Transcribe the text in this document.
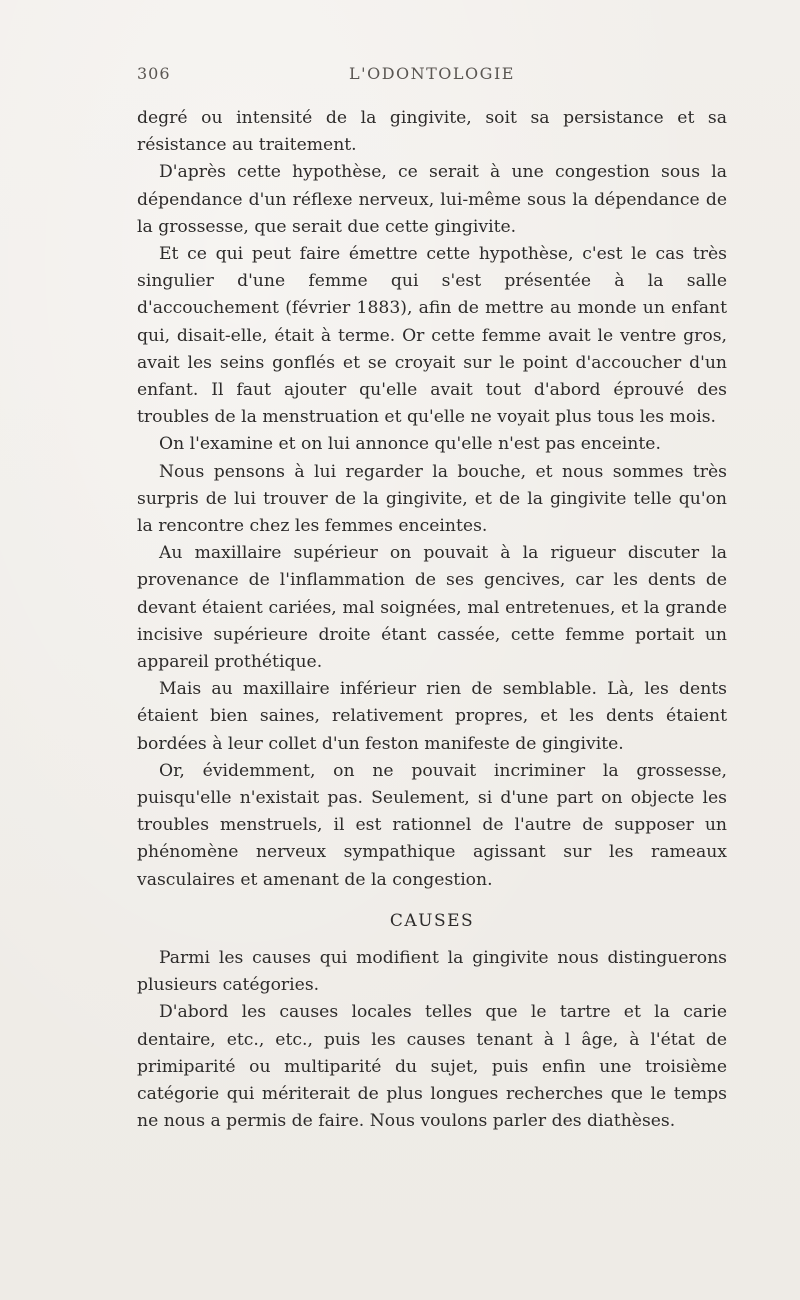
306	L'ODONTOLOGIE

degré ou intensité de la gingivite, soit sa persistance et sa résistance au traitement.

D'après cette hypothèse, ce serait à une congestion sous la dépendance d'un réflexe nerveux, lui-même sous la dépendance de la grossesse, que serait due cette gingivite.

Et ce qui peut faire émettre cette hypothèse, c'est le cas très singulier d'une femme qui s'est présentée à la salle d'accouchement (février 1883), afin de mettre au monde un enfant qui, disait-elle, était à terme. Or cette femme avait le ventre gros, avait les seins gonflés et se croyait sur le point d'accoucher d'un enfant. Il faut ajouter qu'elle avait tout d'abord éprouvé des troubles de la menstruation et qu'elle ne voyait plus tous les mois.

On l'examine et on lui annonce qu'elle n'est pas enceinte.

Nous pensons à lui regarder la bouche, et nous sommes très surpris de lui trouver de la gingivite, et de la gingivite telle qu'on la rencontre chez les femmes enceintes.

Au maxillaire supérieur on pouvait à la rigueur discuter la provenance de l'inflammation de ses gencives, car les dents de devant étaient cariées, mal soignées, mal entretenues, et la grande incisive supérieure droite étant cassée, cette femme portait un appareil prothétique.

Mais au maxillaire inférieur rien de semblable. Là, les dents étaient bien saines, relativement propres, et les dents étaient bordées à leur collet d'un feston manifeste de gingivite.

Or, évidemment, on ne pouvait incriminer la grossesse, puisqu'elle n'existait pas. Seulement, si d'une part on objecte les troubles menstruels, il est rationnel de l'autre de supposer un phénomène nerveux sympathique agissant sur les rameaux vasculaires et amenant de la congestion.

CAUSES

Parmi les causes qui modifient la gingivite nous distinguerons plusieurs catégories.

D'abord les causes locales telles que le tartre et la carie dentaire, etc., etc., puis les causes tenant à l âge, à l'état de primiparité ou multiparité du sujet, puis enfin une troisième catégorie qui mériterait de plus longues recherches que le temps ne nous a permis de faire. Nous voulons parler des diathèses.
